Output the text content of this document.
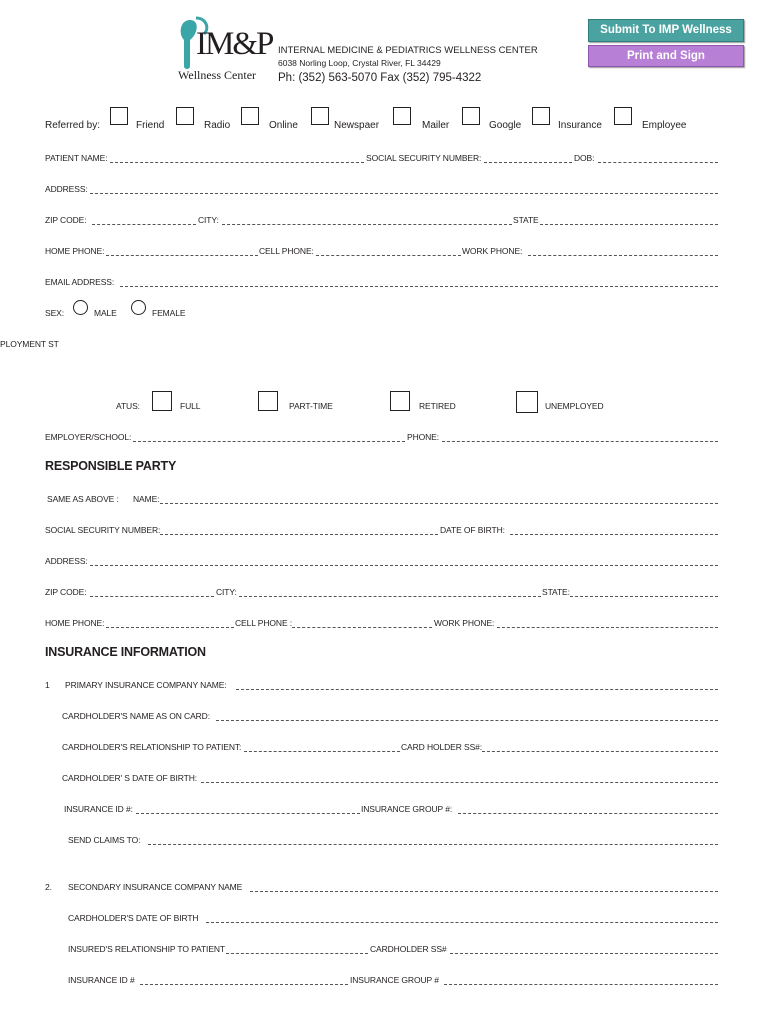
IM&P
Wellness Center
INTERNAL MEDICINE & PEDIATRICS WELLNESS CENTER
6038 Norling Loop, Crystal River, FL 34429
Ph: (352) 563-5070 Fax (352) 795-4322
Submit To IMP Wellness
Print and Sign
Referred by:	Friend	Radio	Online	Newspaer	Mailer	Google	Insurance	Employee
PATIENT NAME:	SOCIAL SECURITY NUMBER:	DOB:
ADDRESS:
ZIP CODE:	CITY:	STATE
HOME PHONE:	CELL PHONE:	WORK PHONE:
EMAIL ADDRESS:
SEX:	MALE	FEMALE
PLOYMENT ST
ATUS:	FULL	PART-TIME	RETIRED	UNEMPLOYED
EMPLOYER/SCHOOL:	PHONE:
RESPONSIBLE PARTY
SAME AS ABOVE : NAME:
SOCIAL SECURITY NUMBER:	DATE OF BIRTH:
ADDRESS:
ZIP CODE:	CITY:	STATE:
HOME PHONE:	CELL PHONE :	WORK PHONE:
INSURANCE INFORMATION
1 PRIMARY INSURANCE COMPANY NAME:
CARDHOLDER'S NAME AS ON CARD:
CARDHOLDER'S RELATIONSHIP TO PATIENT:	CARD HOLDER SS#:
CARDHOLDER' S DATE OF BIRTH:
INSURANCE ID #:	INSURANCE GROUP #:
SEND CLAIMS TO:
2. SECONDARY INSURANCE COMPANY NAME
CARDHOLDER'S DATE OF BIRTH
INSURED'S RELATIONSHIP TO PATIENT	CARDHOLDER SS#
INSURANCE ID #	INSURANCE GROUP #
